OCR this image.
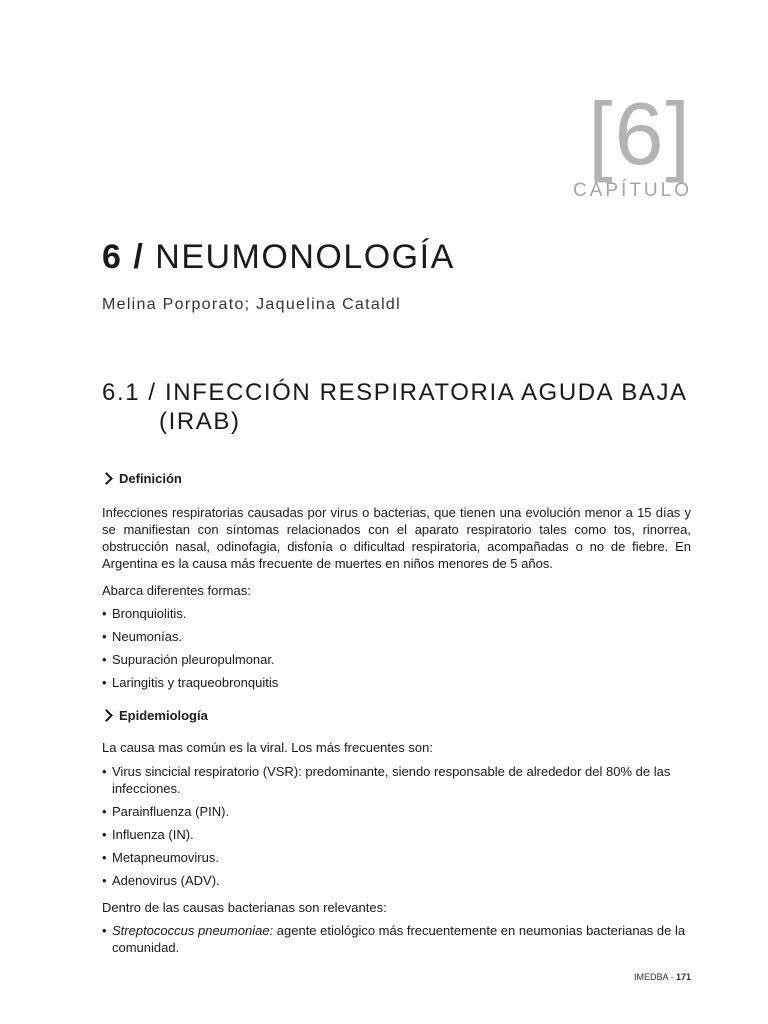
[6]
CAPÍTULO
6 / NEUMONOLOGÍA
Melina Porporato; Jaquelina Cataldl
6.1 / INFECCIÓN RESPIRATORIA AGUDA BAJA
(IRAB)
Definición

Infecciones respiratorias causadas por virus o bacterias, que tienen una evolución menor a 15 días y se manifiestan con síntomas relacionados con el aparato respiratorio tales como tos, rinorrea, obstrucción nasal, odinofagia, disfonía o dificultad respiratoria, acompañadas o no de fiebre. En Argentina es la causa más frecuente de muertes en niños menores de 5 años.

Abarca diferentes formas:

• Bronquiolitis.
• Neumonías.
• Supuración pleuropulmonar.
• Laringitis y traqueobronquitis
Epidemiología

La causa mas común es la viral. Los más frecuentes son:

• Virus sincicial respiratorio (VSR): predominante, siendo responsable de alrededor del 80% de las infecciones.
• Parainfluenza (PIN).
• Influenza (IN).
• Metapneumovirus.
• Adenovirus (ADV).

Dentro de las causas bacterianas son relevantes:

• Streptococcus pneumoniae: agente etiológico más frecuentemente en neumonias bacterianas de la comunidad.
IMEDBA · 171
